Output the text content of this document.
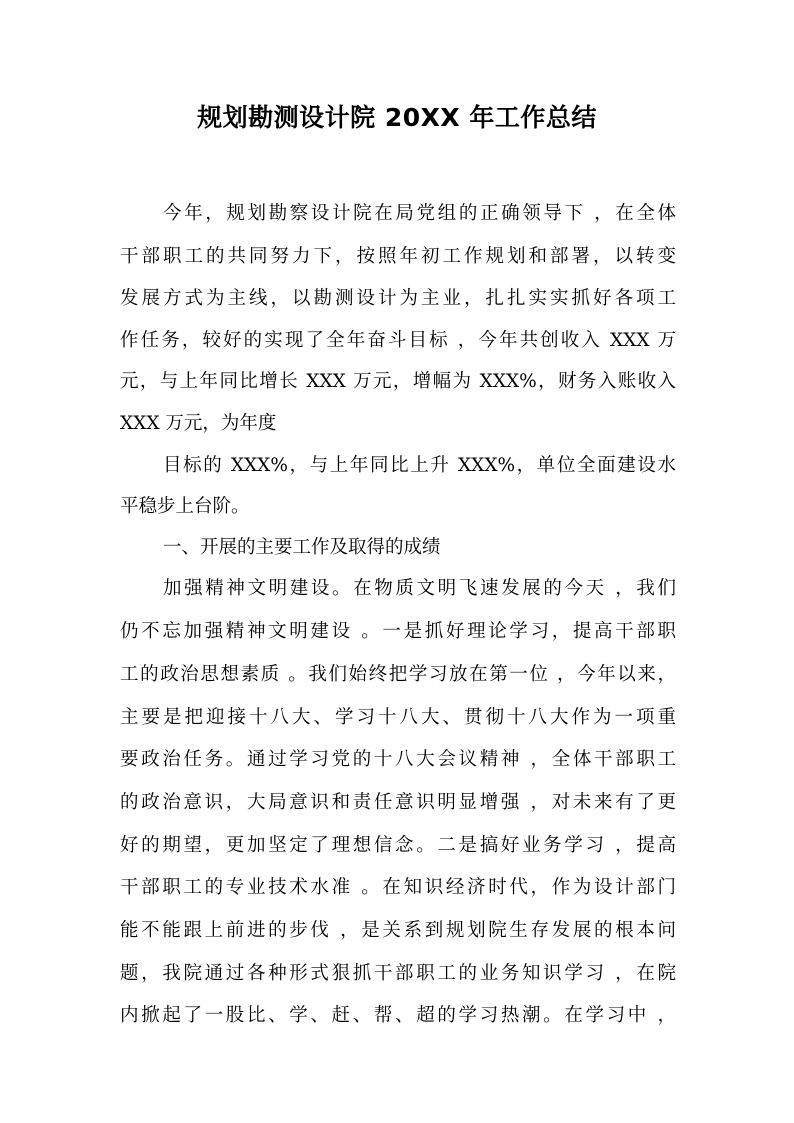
规划勘测设计院 20XX 年工作总结
今年，规划勘察设计院在局党组的正确领导下 ，在全体
干部职工的共同努力下，按照年初工作规划和部署，以转变
发展方式为主线，以勘测设计为主业，扎扎实实抓好各项工
作任务，较好的实现了全年奋斗目标 ，今年共创收入 XXX 万
元，与上年同比增长 XXX 万元，增幅为 XXX%，财务入账收入
XXX 万元，为年度
目标的 XXX%，与上年同比上升 XXX%，单位全面建设水
平稳步上台阶。
一、开展的主要工作及取得的成绩
加强精神文明建设。在物质文明飞速发展的今天 ，我们
仍不忘加强精神文明建设 。一是抓好理论学习，提高干部职
工的政治思想素质 。我们始终把学习放在第一位 ，今年以来，
主要是把迎接十八大、学习十八大、贯彻十八大作为一项重
要政治任务。通过学习党的十八大会议精神 ，全体干部职工
的政治意识，大局意识和责任意识明显增强 ，对未来有了更
好的期望，更加坚定了理想信念。二是搞好业务学习 ，提高
干部职工的专业技术水准 。在知识经济时代，作为设计部门
能不能跟上前进的步伐 ，是关系到规划院生存发展的根本问
题，我院通过各种形式狠抓干部职工的业务知识学习 ，在院
内掀起了一股比、学、赶、帮、超的学习热潮。在学习中 ，
